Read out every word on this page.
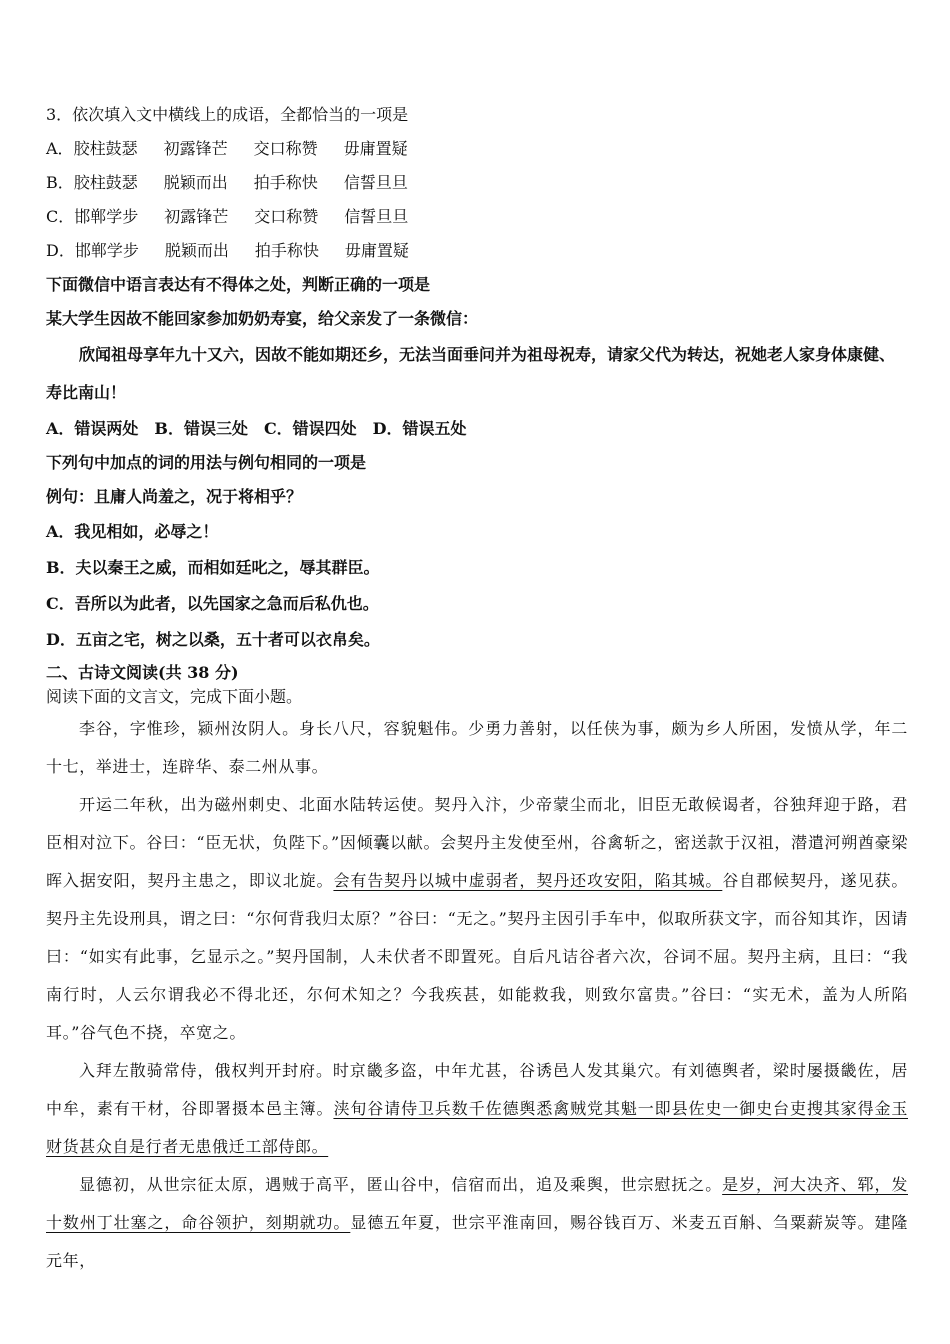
3．依次填入文中横线上的成语，全都恰当的一项是
A．胶柱鼓瑟 初露锋芒 交口称赞 毋庸置疑
B．胶柱鼓瑟 脱颖而出 拍手称快 信誓旦旦
C．邯郸学步 初露锋芒 交口称赞 信誓旦旦
D．邯郸学步 脱颖而出 拍手称快 毋庸置疑
下面微信中语言表达有不得体之处，判断正确的一项是
某大学生因故不能回家参加奶奶寿宴，给父亲发了一条微信：
欣闻祖母享年九十又六，因故不能如期还乡，无法当面垂问并为祖母祝寿，请家父代为转达，祝她老人家身体康健、寿比南山！
A．错误两处　B．错误三处　C．错误四处　D．错误五处
下列句中加点的词的用法与例句相同的一项是
例句：且庸人尚羞之，况于将相乎？
A．我见相如，必辱之！
B．夫以秦王之威，而相如廷叱之，辱其群臣。
C．吾所以为此者，以先国家之急而后私仇也。
D．五亩之宅，树之以桑，五十者可以衣帛矣。
二、古诗文阅读(共 38 分)
阅读下面的文言文，完成下面小题。

李谷，字惟珍，颍州汝阴人。身长八尺，容貌魁伟。少勇力善射，以任侠为事，颇为乡人所困，发愤从学，年二十七，举进士，连辟华、泰二州从事。

开运二年秋，出为磁州刺史、北面水陆转运使。契丹入汴，少帝蒙尘而北，旧臣无敢候谒者，谷独拜迎于路，君臣相对泣下。谷曰：“臣无状，负陛下。”因倾囊以献。会契丹主发使至州，谷禽斩之，密送款于汉祖，潜遣河朔酋豪梁晖入据安阳，契丹主患之，即议北旋。会有告契丹以城中虚弱者，契丹还攻安阳，陷其城。谷自郡候契丹，遂见获。契丹主先设刑具，谓之曰：“尔何背我归太原？”谷曰：“无之。”契丹主因引手车中，似取所获文字，而谷知其诈，因请曰：“如实有此事，乞显示之。”契丹国制，人未伏者不即置死。自后凡诘谷者六次，谷词不屈。契丹主病，且曰：“我南行时，人云尔谓我必不得北还，尔何术知之？今我疾甚，如能救我，则致尔富贵。”谷曰：“实无术，盖为人所陷耳。”谷气色不挠，卒宽之。

入拜左散骑常侍，俄权判开封府。时京畿多盗，中年尤甚，谷诱邑人发其巢穴。有刘德舆者，梁时屡摄畿佐，居中牟，素有干材，谷即署摄本邑主簿。浃旬谷请侍卫兵数千佐德舆悉禽贼党其魁一即县佐史一御史台吏搜其家得金玉财货甚众自是行者无患俄迁工部侍郎。

显德初，从世宗征太原，遇贼于高平，匿山谷中，信宿而出，追及乘舆，世宗慰抚之。是岁，河大决齐、郓，发十数州丁壮塞之，命谷领护，刻期就功。显德五年夏，世宗平淮南回，赐谷钱百万、米麦五百斛、刍粟薪炭等。建隆元年，
